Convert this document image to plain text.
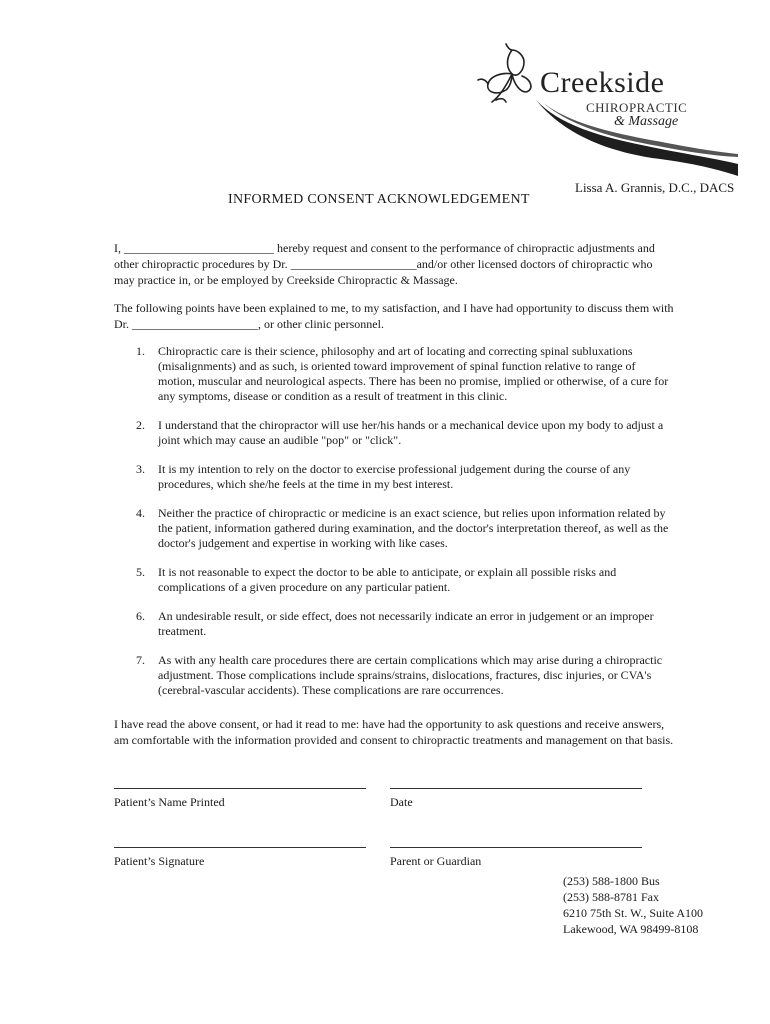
Creekside
CHIROPRACTIC
& Massage
Lissa A. Grannis, D.C., DACS
INFORMED CONSENT ACKNOWLEDGEMENT

I, _________________________ hereby request and consent to the performance of chiropractic adjustments and other chiropractic procedures by Dr. _____________________and/or other licensed doctors of chiropractic who may practice in, or be employed by Creekside Chiropractic & Massage.

The following points have been explained to me, to my satisfaction, and I have had opportunity to discuss them with Dr. _____________________, or other clinic personnel.

1. Chiropractic care is their science, philosophy and art of locating and correcting spinal subluxations (misalignments) and as such, is oriented toward improvement of spinal function relative to range of motion, muscular and neurological aspects. There has been no promise, implied or otherwise, of a cure for any symptoms, disease or condition as a result of treatment in this clinic.
2. I understand that the chiropractor will use her/his hands or a mechanical device upon my body to adjust a joint which may cause an audible "pop" or "click".
3. It is my intention to rely on the doctor to exercise professional judgement during the course of any procedures, which she/he feels at the time in my best interest.
4. Neither the practice of chiropractic or medicine is an exact science, but relies upon information related by the patient, information gathered during examination, and the doctor's interpretation thereof, as well as the doctor's judgement and expertise in working with like cases.
5. It is not reasonable to expect the doctor to be able to anticipate, or explain all possible risks and complications of a given procedure on any particular patient.
6. An undesirable result, or side effect, does not necessarily indicate an error in judgement or an improper treatment.
7. As with any health care procedures there are certain complications which may arise during a chiropractic adjustment. Those complications include sprains/strains, dislocations, fractures, disc injuries, or CVA's (cerebral-vascular accidents). These complications are rare occurrences.

I have read the above consent, or had it read to me: have had the opportunity to ask questions and receive answers, am comfortable with the information provided and consent to chiropractic treatments and management on that basis.

Patient’s Name Printed	Date
Patient’s Signature	Parent or Guardian
(253) 588-1800 Bus
(253) 588-8781 Fax
6210 75th St. W., Suite A100
Lakewood, WA 98499-8108
